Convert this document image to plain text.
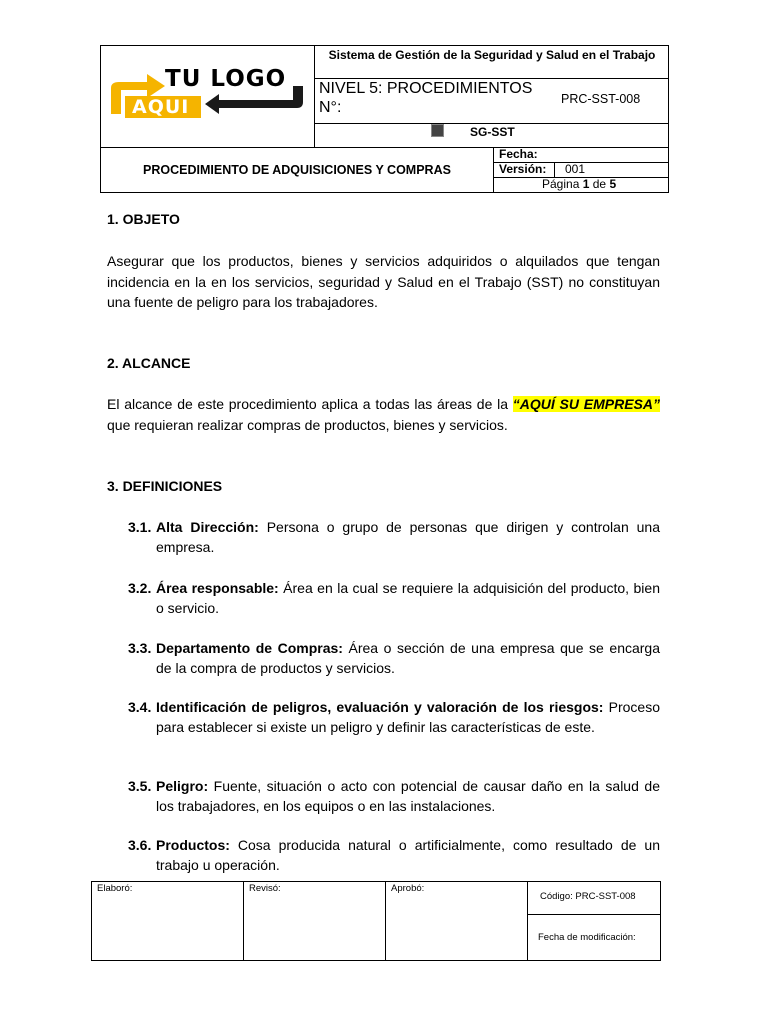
TU LOGO
AQUI
Sistema de Gestión de la Seguridad y Salud en el Trabajo
NIVEL 5: PROCEDIMIENTOS N°:	PRC-SST-008
SG-SST
PROCEDIMIENTO DE ADQUISICIONES Y COMPRAS
Fecha:
Versión: 001
Página 1 de 5
1. OBJETO
Asegurar que los productos, bienes y servicios adquiridos o alquilados que tengan incidencia en la en los servicios, seguridad y Salud en el Trabajo (SST) no constituyan una fuente de peligro para los trabajadores.
2. ALCANCE
El alcance de este procedimiento aplica a todas las áreas de la “AQUÍ SU EMPRESA” que requieran realizar compras de productos, bienes y servicios.
3. DEFINICIONES
3.1. Alta Dirección: Persona o grupo de personas que dirigen y controlan una empresa.
3.2. Área responsable: Área en la cual se requiere la adquisición del producto, bien o servicio.
3.3. Departamento de Compras: Área o sección de una empresa que se encarga de la compra de productos y servicios.
3.4. Identificación de peligros, evaluación y valoración de los riesgos: Proceso para establecer si existe un peligro y definir las características de este.
3.5. Peligro: Fuente, situación o acto con potencial de causar daño en la salud de los trabajadores, en los equipos o en las instalaciones.
3.6. Productos: Cosa producida natural o artificialmente, como resultado de un trabajo u operación.
Elaboró:	Revisó:	Aprobó:
Código: PRC-SST-008
Fecha de modificación:
